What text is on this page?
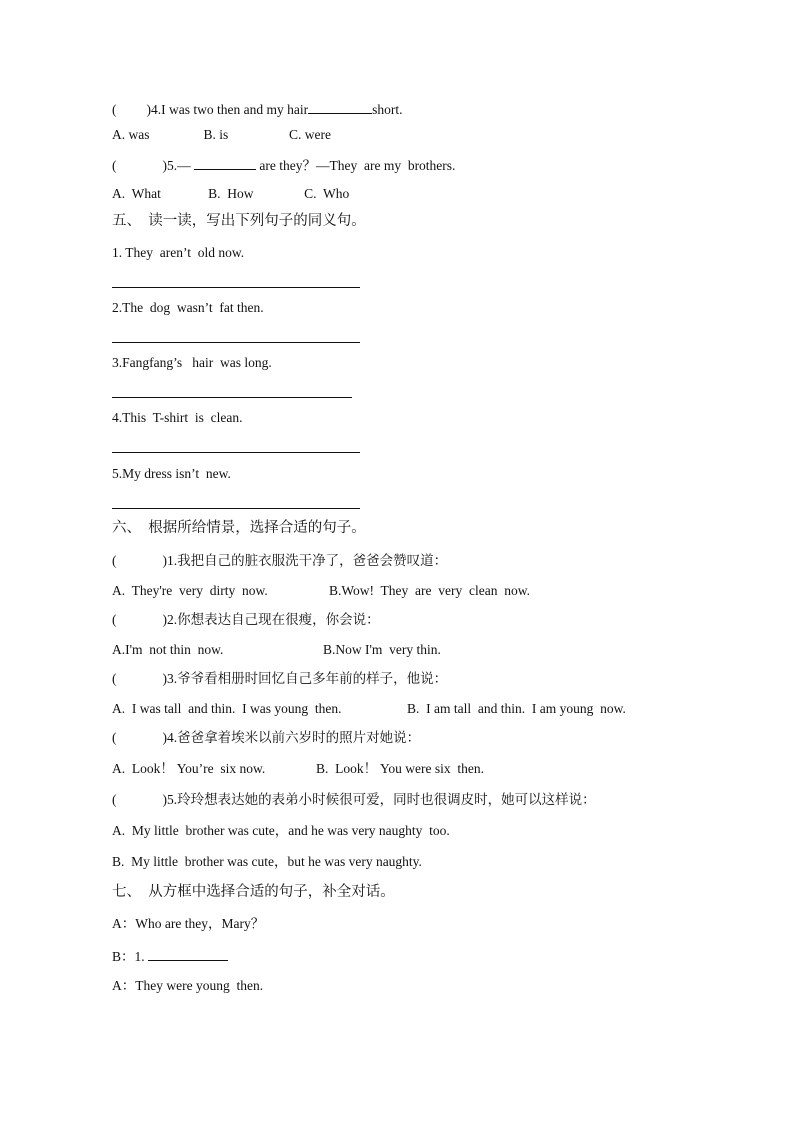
( )4.I was two then and my hair	short.
A. was                B. is                  C. were
(	)5.—	are they？—They  are my  brothers.
A.  What              B.  How               C.  Who
五、  读一读，写出下列句子的同义句。
1. They  aren’t  old now.
2.The  dog  wasn’t  fat then.
3.Fangfang’s   hair  was long.
4.This  T-shirt  is  clean.
5.My dress isn’t  new.
六、  根据所给情景，选择合适的句子。
(	)1.我把自己的脏衣服洗干净了，爸爸会赞叹道：
A.  They're  very  dirty  now.	B.Wow!  They  are  very  clean  now.
(	)2.你想表达自己现在很瘦，你会说：
A.I'm  not thin  now.	B.Now I'm  very thin.
(	)3.爷爷看相册时回忆自己多年前的样子，他说：
A.  I was tall  and thin.  I was young  then.	B.  I am tall  and thin.  I am young  now.
(	)4.爸爸拿着埃米以前六岁时的照片对她说：
A.  Look！ You’re  six now.	B.  Look！ You were six  then.
(	)5.玲玲想表达她的表弟小时候很可爱，同时也很调皮时，她可以这样说：
A.  My little  brother was cute，and he was very naughty  too.
B.  My little  brother was cute，but he was very naughty.
七、  从方框中选择合适的句子，补全对话。
A：Who are they，Mary？
B：1.
A：They were young  then.
